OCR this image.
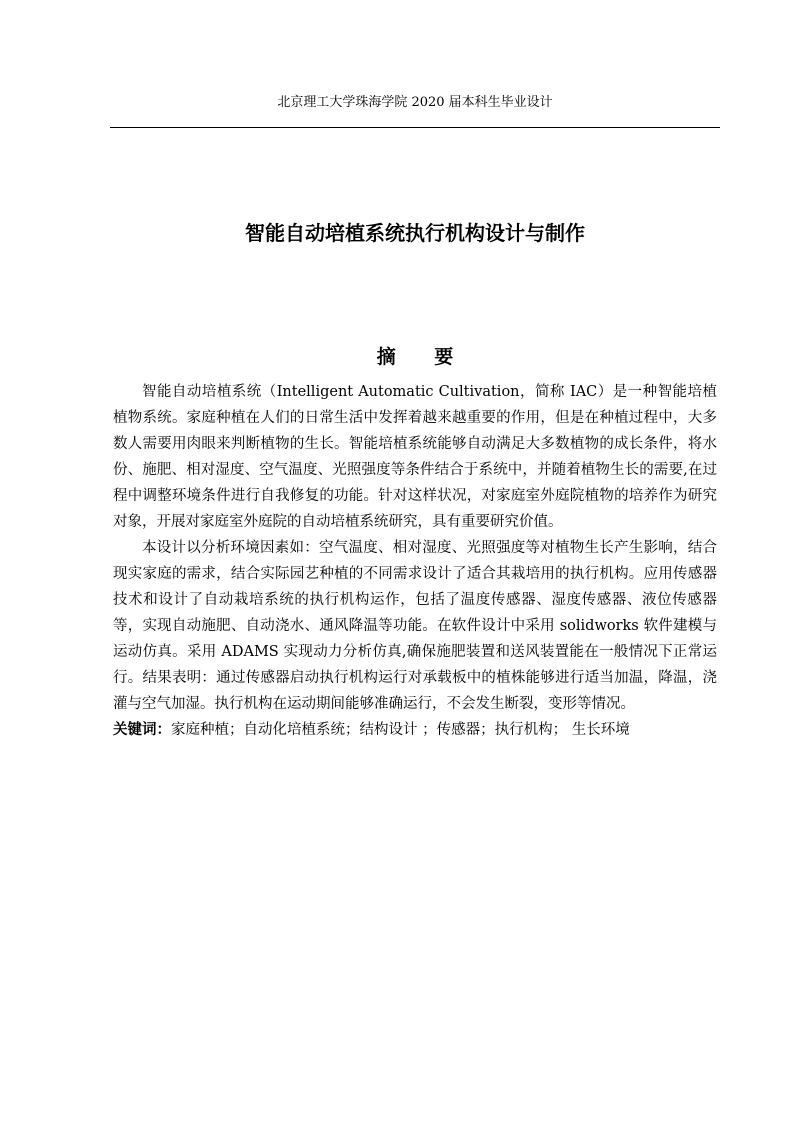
北京理工大学珠海学院 2020 届本科生毕业设计
智能自动培植系统执行机构设计与制作
摘 要

智能自动培植系统（Intelligent Automatic Cultivation，简称 IAC）是一种智能培植植物系统。家庭种植在人们的日常生活中发挥着越来越重要的作用，但是在种植过程中，大多数人需要用肉眼来判断植物的生长。智能培植系统能够自动满足大多数植物的成长条件，将水份、施肥、相对湿度、空气温度、光照强度等条件结合于系统中，并随着植物生长的需要,在过程中调整环境条件进行自我修复的功能。针对这样状况，对家庭室外庭院植物的培养作为研究对象，开展对家庭室外庭院的自动培植系统研究，具有重要研究价值。

本设计以分析环境因素如：空气温度、相对湿度、光照强度等对植物生长产生影响，结合现实家庭的需求，结合实际园艺种植的不同需求设计了适合其栽培用的执行机构。应用传感器技术和设计了自动栽培系统的执行机构运作，包括了温度传感器、湿度传感器、液位传感器等，实现自动施肥、自动浇水、通风降温等功能。在软件设计中采用 solidworks 软件建模与运动仿真。采用 ADAMS 实现动力分析仿真,确保施肥装置和送风装置能在一般情况下正常运行。结果表明：通过传感器启动执行机构运行对承载板中的植株能够进行适当加温，降温，浇灌与空气加湿。执行机构在运动期间能够准确运行，不会发生断裂，变形等情况。

关键词：家庭种植；自动化培植系统；结构设计 ；传感器；执行机构； 生长环境
